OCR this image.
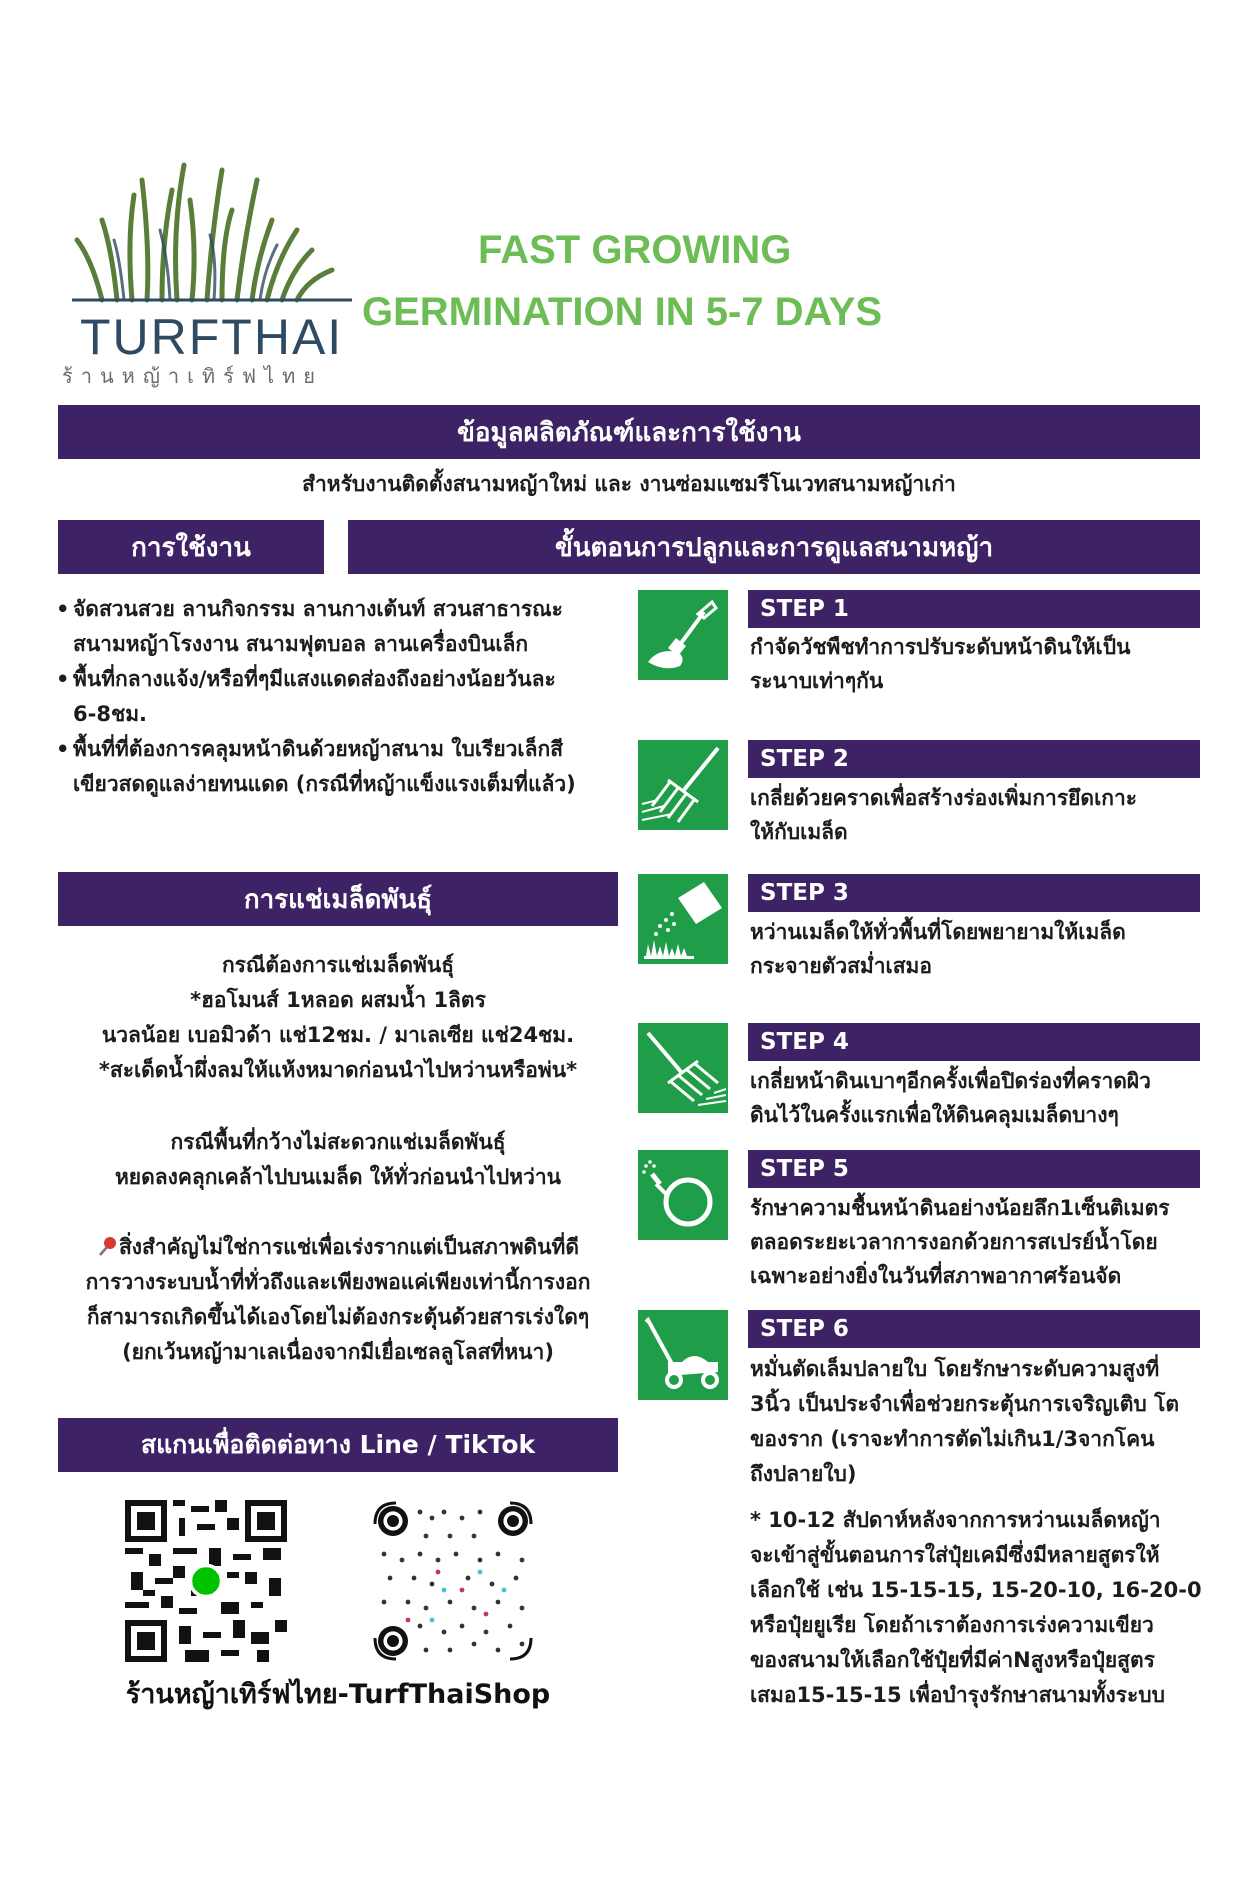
TURFTHAI
ร้านหญ้าเทิร์ฟไทย
FAST GROWING
GERMINATION IN 5-7 DAYS
ข้อมูลผลิตภัณฑ์และการใช้งาน
สำหรับงานติดตั้งสนามหญ้าใหม่ และ งานซ่อมแซมรีโนเวทสนามหญ้าเก่า
การใช้งาน	ขั้นตอนการปลูกและการดูแลสนามหญ้า
• จัดสวนสวย ลานกิจกรรม ลานกางเต้นท์ สวนสาธารณะ
สนามหญ้าโรงงาน สนามฟุตบอล ลานเครื่องบินเล็ก
• พื้นที่กลางแจ้ง/หรือที่ๆมีแสงแดดส่องถึงอย่างน้อยวันละ
6-8ชม.
• พื้นที่ที่ต้องการคลุมหน้าดินด้วยหญ้าสนาม ใบเรียวเล็กสี
เขียวสดดูแลง่ายทนแดด (กรณีที่หญ้าแข็งแรงเต็มที่แล้ว)
การแช่เมล็ดพันธุ์
กรณีต้องการแช่เมล็ดพันธุ์
*ฮอโมนส์ 1หลอด ผสมน้ำ 1ลิตร
นวลน้อย เบอมิวด้า แช่12ชม. / มาเลเซีย แช่24ชม.
*สะเด็ดน้ำผึ่งลมให้แห้งหมาดก่อนนำไปหว่านหรือพ่น*
กรณีพื้นที่กว้างไม่สะดวกแช่เมล็ดพันธุ์
หยดลงคลุกเคล้าไปบนเมล็ด ให้ทั่วก่อนนำไปหว่าน
สิ่งสำคัญไม่ใช่การแช่เพื่อเร่งรากแต่เป็นสภาพดินที่ดี
การวางระบบน้ำที่ทั่วถึงและเพียงพอแค่เพียงเท่านี้การงอก
ก็สามารถเกิดขึ้นได้เองโดยไม่ต้องกระตุ้นด้วยสารเร่งใดๆ
(ยกเว้นหญ้ามาเลเนื่องจากมีเยื่อเซลลูโลสที่หนา)
สแกนเพื่อติดต่อทาง Line / TikTok
ร้านหญ้าเทิร์ฟไทย-TurfThaiShop
STEP 1
กำจัดวัชพืชทำการปรับระดับหน้าดินให้เป็น
ระนาบเท่าๆกัน
STEP 2
เกลี่ยด้วยคราดเพื่อสร้างร่องเพิ่มการยึดเกาะ
ให้กับเมล็ด
STEP 3
หว่านเมล็ดให้ทั่วพื้นที่โดยพยายามให้เมล็ด
กระจายตัวสม่ำเสมอ
STEP 4
เกลี่ยหน้าดินเบาๆอีกครั้งเพื่อปิดร่องที่คราดผิว
ดินไว้ในครั้งแรกเพื่อให้ดินคลุมเมล็ดบางๆ
STEP 5
รักษาความชื้นหน้าดินอย่างน้อยลึก1เซ็นติเมตร
ตลอดระยะเวลาการงอกด้วยการสเปรย์น้ำโดย
เฉพาะอย่างยิ่งในวันที่สภาพอากาศร้อนจัด
STEP 6
หมั่นตัดเล็มปลายใบ โดยรักษาระดับความสูงที่
3นิ้ว เป็นประจำเพื่อช่วยกระตุ้นการเจริญเติบ โต
ของราก (เราจะทำการตัดไม่เกิน1/3จากโคน
ถึงปลายใบ)
* 10-12 สัปดาห์หลังจากการหว่านเมล็ดหญ้า
จะเข้าสู่ขั้นตอนการใส่ปุ๋ยเคมีซึ่งมีหลายสูตรให้
เลือกใช้ เช่น 15-15-15, 15-20-10, 16-20-0
หรือปุ๋ยยูเรีย โดยถ้าเราต้องการเร่งความเขียว
ของสนามให้เลือกใช้ปุ๋ยที่มีค่าNสูงหรือปุ๋ยสูตร
เสมอ15-15-15 เพื่อบำรุงรักษาสนามทั้งระบบ
